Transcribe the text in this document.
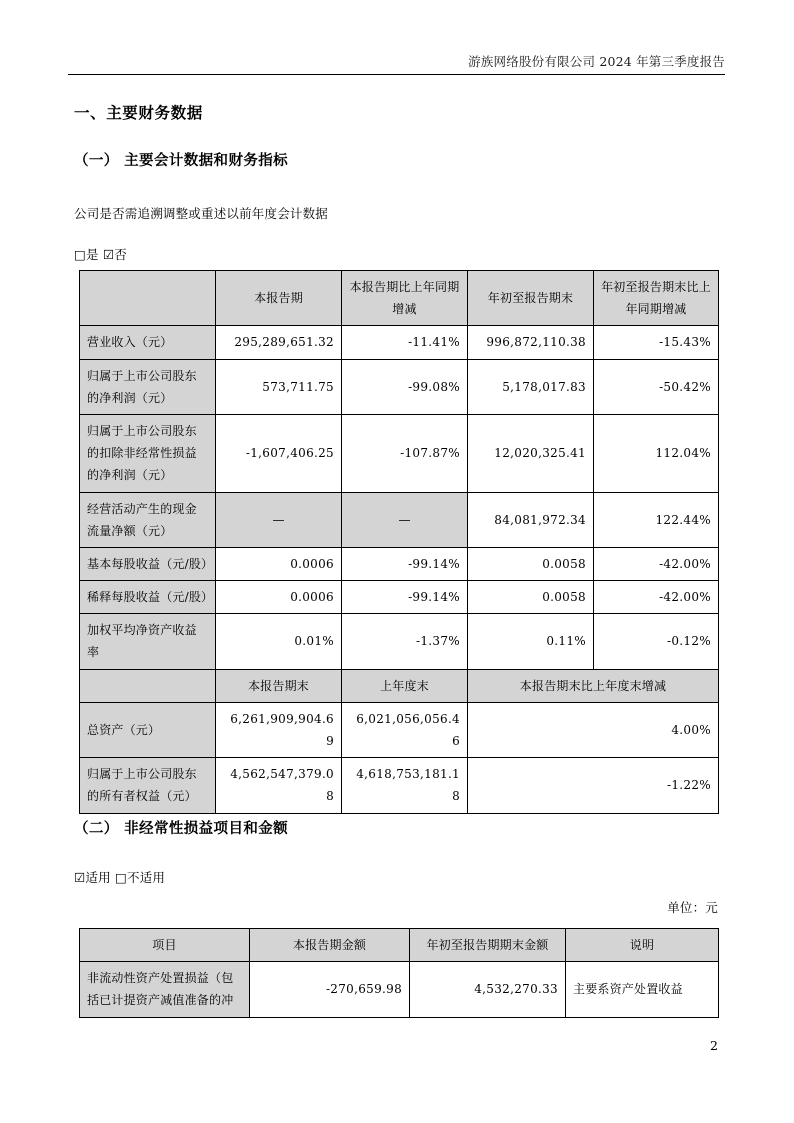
游族网络股份有限公司 2024 年第三季度报告
一、主要财务数据
（一） 主要会计数据和财务指标
公司是否需追溯调整或重述以前年度会计数据
□是 ☑否
	本报告期	本报告期比上年同期增减	年初至报告期末	年初至报告期末比上年同期增减
营业收入（元）	295,289,651.32	-11.41%	996,872,110.38	-15.43%
归属于上市公司股东的净利润（元）	573,711.75	-99.08%	5,178,017.83	-50.42%
归属于上市公司股东的扣除非经常性损益的净利润（元）	-1,607,406.25	-107.87%	12,020,325.41	112.04%
经营活动产生的现金流量净额（元）	—	—	84,081,972.34	122.44%
基本每股收益（元/股）	0.0006	-99.14%	0.0058	-42.00%
稀释每股收益（元/股）	0.0006	-99.14%	0.0058	-42.00%
加权平均净资产收益率	0.01%	-1.37%	0.11%	-0.12%
	本报告期末	上年度末	本报告期末比上年度末增减	
总资产（元）	6,261,909,904.69	6,021,056,056.46	4.00%	
归属于上市公司股东的所有者权益（元）	4,562,547,379.08	4,618,753,181.18	-1.22%	
（二） 非经常性损益项目和金额
☑适用 □不适用
单位：元
项目	本报告期金额	年初至报告期期末金额	说明
非流动性资产处置损益（包括已计提资产减值准备的冲	-270,659.98	4,532,270.33	主要系资产处置收益
2
